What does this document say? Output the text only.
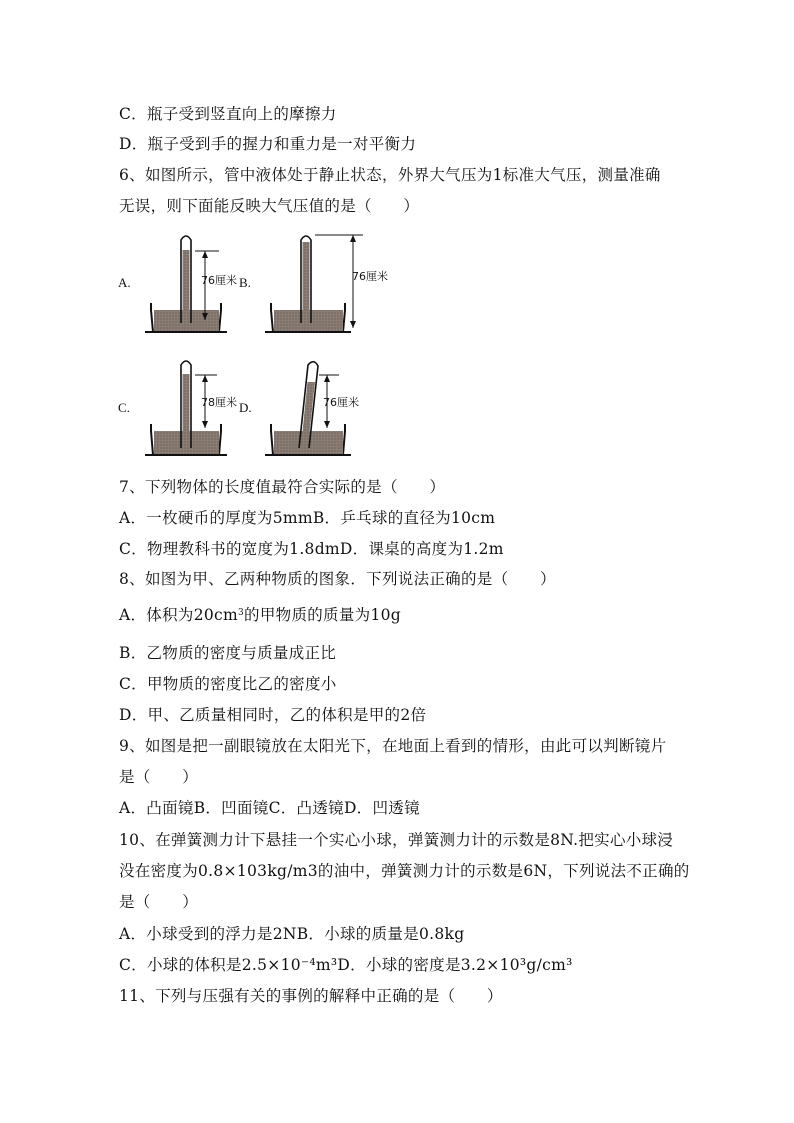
C．瓶子受到竖直向上的摩擦力
D．瓶子受到手的握力和重力是一对平衡力
6、如图所示，管中液体处于静止状态，外界大气压为1标准大气压，测量准确
无误，则下面能反映大气压值的是（　　）
76厘米
A.	76厘米
B.
78厘米
C.	76厘米
D.
7、下列物体的长度值最符合实际的是（　　）
A．一枚硬币的厚度为5mmB．乒乓球的直径为10cm
C．物理教科书的宽度为1.8dmD．课桌的高度为1.2m
8、如图为甲、乙两种物质的图象．下列说法正确的是（　　）
A．体积为$20cm^3$的甲物质的质量为10g
B．乙物质的密度与质量成正比
C．甲物质的密度比乙的密度小
D．甲、乙质量相同时，乙的体积是甲的2倍
9、如图是把一副眼镜放在太阳光下，在地面上看到的情形，由此可以判断镜片
是（　　）
A．凸面镜B．凹面镜C．凸透镜D．凹透镜
10、在弹簧测力计下悬挂一个实心小球，弹簧测力计的示数是8N.把实心小球浸
没在密度为0.8×103kg/m3的油中，弹簧测力计的示数是6N，下列说法不正确的
是（　　）
A．小球受到的浮力是2NB．小球的质量是0.8kg
C．小球的体积是2.5×10⁻⁴m³D．小球的密度是3.2×10³g/cm³
11、下列与压强有关的事例的解释中正确的是（　　）
